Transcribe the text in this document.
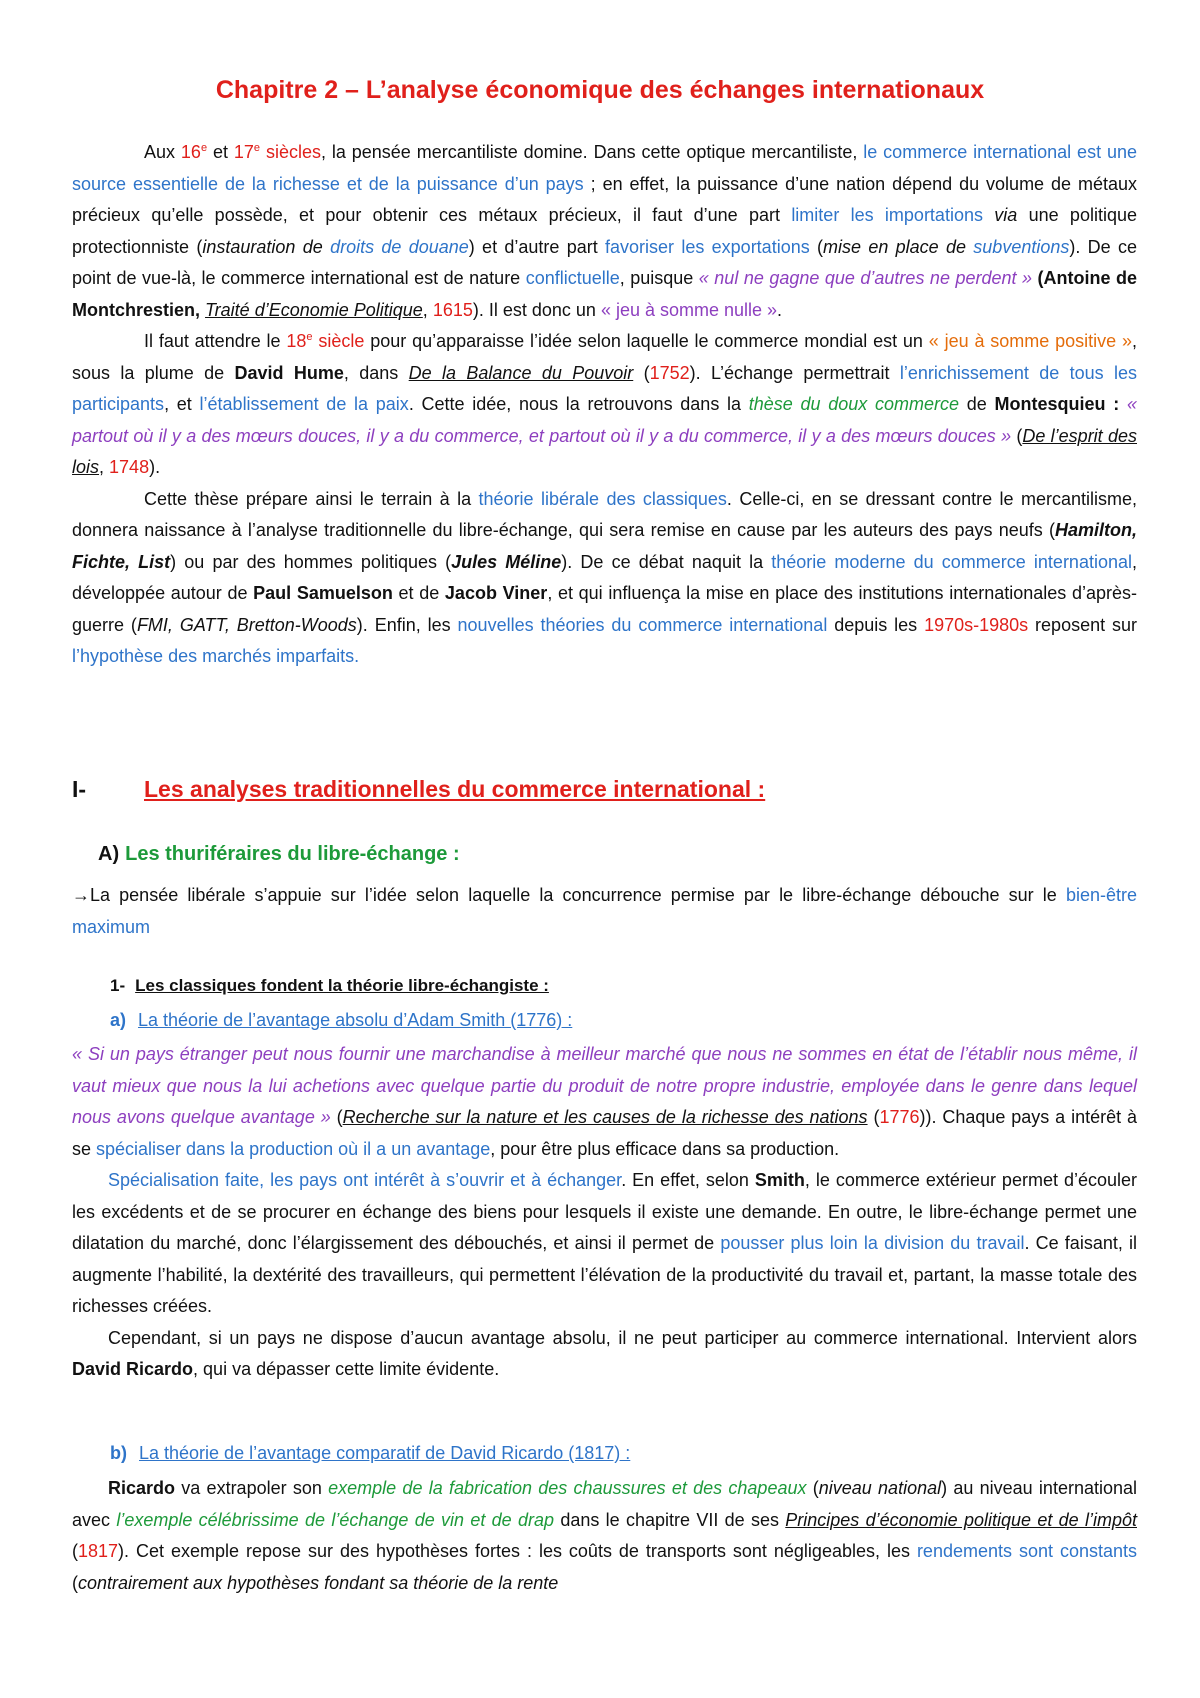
Chapitre 2 – L’analyse économique des échanges internationaux

Aux 16e et 17e siècles, la pensée mercantiliste domine. Dans cette optique mercantiliste, le commerce international est une source essentielle de la richesse et de la puissance d’un pays ; en effet, la puissance d’une nation dépend du volume de métaux précieux qu’elle possède, et pour obtenir ces métaux précieux, il faut d’une part limiter les importations via une politique protectionniste (instauration de droits de douane) et d’autre part favoriser les exportations (mise en place de subventions). De ce point de vue-là, le commerce international est de nature conflictuelle, puisque « nul ne gagne que d’autres ne perdent » (Antoine de Montchrestien, Traité d’Economie Politique, 1615). Il est donc un « jeu à somme nulle ».

Il faut attendre le 18e siècle pour qu’apparaisse l’idée selon laquelle le commerce mondial est un « jeu à somme positive », sous la plume de David Hume, dans De la Balance du Pouvoir (1752). L’échange permettrait l’enrichissement de tous les participants, et l’établissement de la paix. Cette idée, nous la retrouvons dans la thèse du doux commerce de Montesquieu : « partout où il y a des mœurs douces, il y a du commerce, et partout où il y a du commerce, il y a des mœurs douces » (De l’esprit des lois, 1748).

Cette thèse prépare ainsi le terrain à la théorie libérale des classiques. Celle-ci, en se dressant contre le mercantilisme, donnera naissance à l’analyse traditionnelle du libre-échange, qui sera remise en cause par les auteurs des pays neufs (Hamilton, Fichte, List) ou par des hommes politiques (Jules Méline). De ce débat naquit la théorie moderne du commerce international, développée autour de Paul Samuelson et de Jacob Viner, et qui influença la mise en place des institutions internationales d’après-guerre (FMI, GATT, Bretton-Woods). Enfin, les nouvelles théories du commerce international depuis les 1970s-1980s reposent sur l’hypothèse des marchés imparfaits.

I-	Les analyses traditionnelles du commerce international :
A) Les thuriféraires du libre-échange :

→La pensée libérale s’appuie sur l’idée selon laquelle la concurrence permise par le libre-échange débouche sur le bien-être maximum

1- Les classiques fondent la théorie libre-échangiste :
a) La théorie de l’avantage absolu d’Adam Smith (1776) :

« Si un pays étranger peut nous fournir une marchandise à meilleur marché que nous ne sommes en état de l’établir nous même, il vaut mieux que nous la lui achetions avec quelque partie du produit de notre propre industrie, employée dans le genre dans lequel nous avons quelque avantage » (Recherche sur la nature et les causes de la richesse des nations (1776)). Chaque pays a intérêt à se spécialiser dans la production où il a un avantage, pour être plus efficace dans sa production.

Spécialisation faite, les pays ont intérêt à s’ouvrir et à échanger. En effet, selon Smith, le commerce extérieur permet d’écouler les excédents et de se procurer en échange des biens pour lesquels il existe une demande. En outre, le libre-échange permet une dilatation du marché, donc l’élargissement des débouchés, et ainsi il permet de pousser plus loin la division du travail. Ce faisant, il augmente l’habilité, la dextérité des travailleurs, qui permettent l’élévation de la productivité du travail et, partant, la masse totale des richesses créées.

Cependant, si un pays ne dispose d’aucun avantage absolu, il ne peut participer au commerce international. Intervient alors David Ricardo, qui va dépasser cette limite évidente.

b) La théorie de l’avantage comparatif de David Ricardo (1817) :

Ricardo va extrapoler son exemple de la fabrication des chaussures et des chapeaux (niveau national) au niveau international avec l’exemple célébrissime de l’échange de vin et de drap dans le chapitre VII de ses Principes d’économie politique et de l’impôt (1817). Cet exemple repose sur des hypothèses fortes : les coûts de transports sont négligeables, les rendements sont constants (contrairement aux hypothèses fondant sa théorie de la rente
